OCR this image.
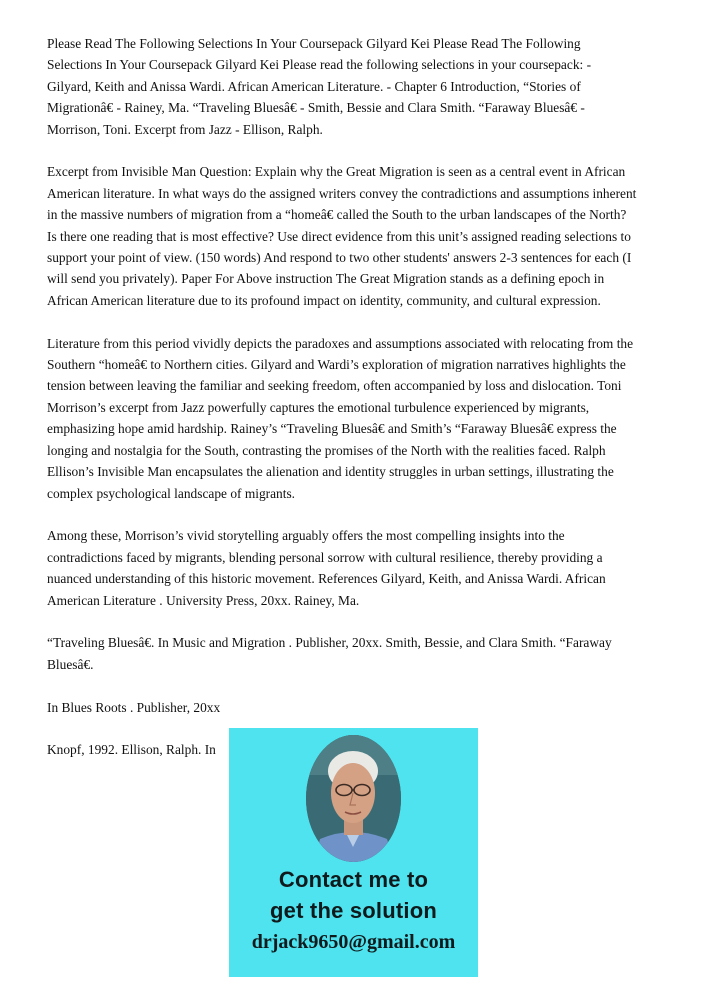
Please Read The Following Selections In Your Coursepack Gilyard Kei Please Read The Following Selections In Your Coursepack Gilyard Kei Please read the following selections in your coursepack: - Gilyard, Keith and Anissa Wardi. African American Literature. - Chapter 6 Introduction, “Stories of Migrationâ€ - Rainey, Ma. “Traveling Bluesâ€ - Smith, Bessie and Clara Smith. “Faraway Bluesâ€ - Morrison, Toni. Excerpt from Jazz - Ellison, Ralph.

Excerpt from Invisible Man Question: Explain why the Great Migration is seen as a central event in African American literature. In what ways do the assigned writers convey the contradictions and assumptions inherent in the massive numbers of migration from a “homeâ€ called the South to the urban landscapes of the North? Is there one reading that is most effective? Use direct evidence from this unit’s assigned reading selections to support your point of view. (150 words) And respond to two other students' answers 2-3 sentences for each (I will send you privately). Paper For Above instruction The Great Migration stands as a defining epoch in African American literature due to its profound impact on identity, community, and cultural expression.

Literature from this period vividly depicts the paradoxes and assumptions associated with relocating from the Southern “homeâ€ to Northern cities. Gilyard and Wardi’s exploration of migration narratives highlights the tension between leaving the familiar and seeking freedom, often accompanied by loss and dislocation. Toni Morrison’s excerpt from Jazz powerfully captures the emotional turbulence experienced by migrants, emphasizing hope amid hardship. Rainey’s “Traveling Bluesâ€ and Smith’s “Faraway Bluesâ€ express the longing and nostalgia for the South, contrasting the promises of the North with the realities faced. Ralph Ellison’s Invisible Man encapsulates the alienation and identity struggles in urban settings, illustrating the complex psychological landscape of migrants.

Among these, Morrison’s vivid storytelling arguably offers the most compelling insights into the contradictions faced by migrants, blending personal sorrow with cultural resilience, thereby providing a nuanced understanding of this historic movement. References Gilyard, Keith, and Anissa Wardi. African American Literature . University Press, 20xx. Rainey, Ma.

“Traveling Bluesâ€. In Music and Migration . Publisher, 20xx. Smith, Bessie, and Clara Smith. “Faraway Bluesâ€.

In Blues Roots . Publisher, 20xx

Knopf, 1992. Ellison, Ralph. In

Contact me to
get the solution
drjack9650@gmail.com
